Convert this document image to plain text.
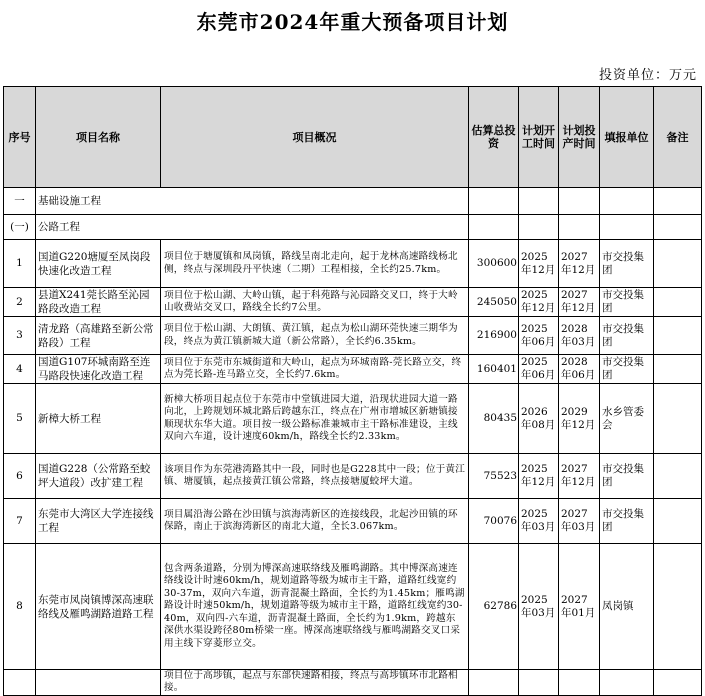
东莞市2024年重大预备项目计划
投资单位：万元
序号	项目名称	项目概况	估算总投资	计划开工时间	计划投产时间	填报单位	备注
一	基础设施工程						
(一)	公路工程						
1	国道G220塘厦至凤岗段快速化改造工程	项目位于塘厦镇和凤岗镇，路线呈南北走向，起于龙林高速路线杨北侧，终点与深圳段丹平快速（二期）工程相接，全长约25.7km。	300600	2025年12月	2027年12月	市交投集团	
2	县道X241莞长路至沁园路段改造工程	项目位于松山湖、大岭山镇，起于科苑路与沁园路交叉口，终于大岭山收费站交叉口，路线全长约7公里。	245050	2025年12月	2027年12月	市交投集团	
3	清龙路（高雄路至新公常路段）工程	项目位于松山湖、大朗镇、黄江镇，起点为松山湖环莞快速三期华为段，终点为黄江镇新城大道（新公常路），全长约6.35km。	216900	2025年06月	2028年03月	市交投集团	
4	国道G107环城南路至连马路段快速化改造工程	项目位于东莞市东城街道和大岭山，起点为环城南路-莞长路立交，终点为莞长路-连马路立交，全长约7.6km。	160401	2025年06月	2028年06月	市交投集团	
5	新樟大桥工程	新樟大桥项目起点位于东莞市中堂镇进园大道，沿现状进园大道一路向北，上跨规划环城北路后跨越东江，终点在广州市增城区新塘镇接顺现状东华大道。项目按一级公路标准兼城市主干路标准建设，主线双向六车道，设计速度60km/h，路线全长约2.33km。	80435	2026年08月	2029年12月	水乡管委会	
6	国道G228（公常路至蛟坪大道段）改扩建工程	该项目作为东莞港湾路其中一段，同时也是G228其中一段；位于黄江镇、塘厦镇，起点接黄江镇公常路，终点接塘厦蛟坪大道。	75523	2025年12月	2027年12月	市交投集团	
7	东莞市大湾区大学连接线工程	项目属沿海公路在沙田镇与滨海湾新区的连接线段，北起沙田镇的环保路，南止于滨海湾新区的南北大道，全长3.067km。	70076	2025年03月	2027年03月	市交投集团	
8	东莞市凤岗镇博深高速联络线及雁鸣湖路道路工程	包含两条道路，分别为博深高速联络线及雁鸣湖路。其中博深高速连络线设计时速60km/h，规划道路等级为城市主干路，道路红线宽约30-37m，双向六车道，沥青混凝土路面，全长约为1.45km；雁鸣湖路设计时速50km/h，规划道路等级为城市主干路，道路红线宽约30-40m，双向四-六车道，沥青混凝土路面，全长约为1.9km，跨越东深供水渠设跨径80m桥梁一座。博深高速联络线与雁鸣湖路交叉口采用主线下穿菱形立交。	62786	2025年03月	2027年01月	凤岗镇	
		项目位于高埗镇，起点与东部快速路相接，终点与高埗镇环市北路相接。					
